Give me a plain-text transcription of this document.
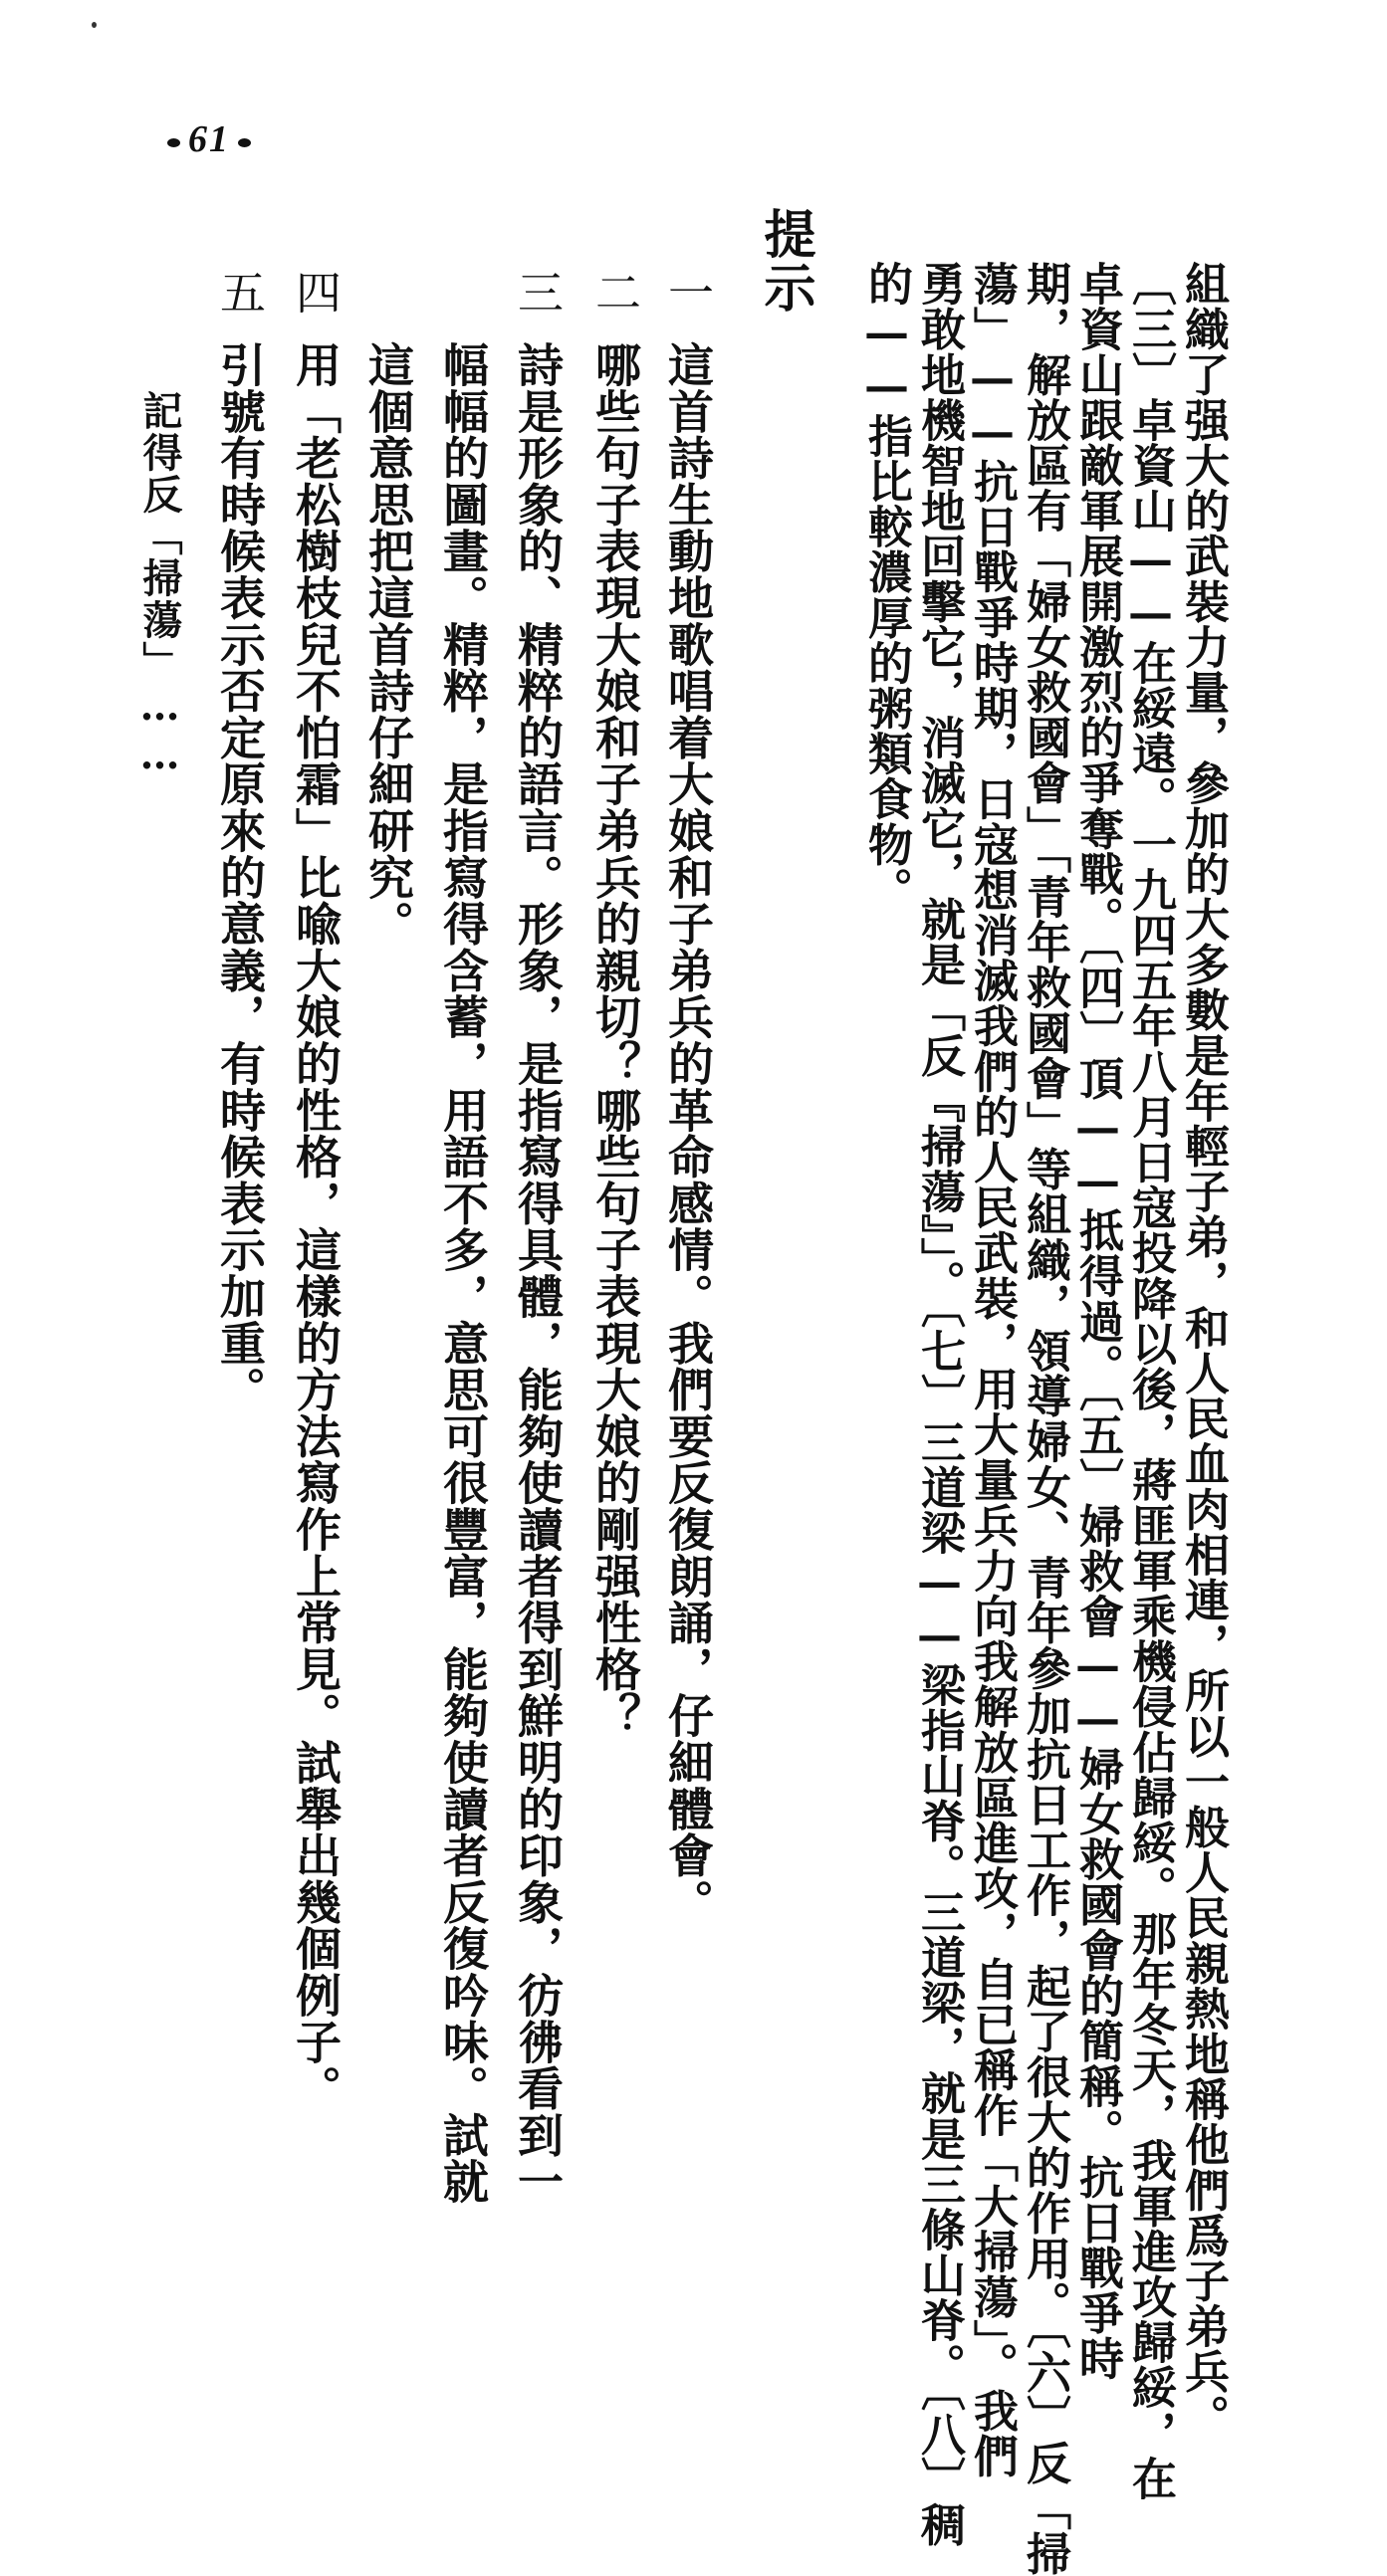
61
組織了强大的武裝力量，參加的大多數是年輕子弟，和人民血肉相連，所以一般人民親熱地稱他們爲子弟兵。
〔三〕卓資山——在綏遠。一九四五年八月日寇投降以後，蔣匪軍乘機侵佔歸綏。那年冬天，我軍進攻歸綏，在
卓資山跟敵軍展開激烈的爭奪戰。〔四〕頂——抵得過。〔五〕婦救會——婦女救國會的簡稱。抗日戰爭時
期，解放區有「婦女救國會」「青年救國會」等組織，領導婦女、青年參加抗日工作，起了很大的作用。〔六〕反「掃
蕩」——抗日戰爭時期，日寇想消滅我們的人民武裝，用大量兵力向我解放區進攻，自已稱作「大掃蕩」。我們
勇敢地機智地回擊它，消滅它，就是「反『掃蕩』」。〔七〕三道梁——梁指山脊。三道梁，就是三條山脊。〔八〕稠
的——指比較濃厚的粥類食物。
提示
一
這首詩生動地歌唱着大娘和子弟兵的革命感情。我們要反復朗誦，仔細體會。
二
哪些句子表現大娘和子弟兵的親切？哪些句子表現大娘的剛强性格？
三
詩是形象的、精粹的語言。形象，是指寫得具體，能夠使讀者得到鮮明的印象，彷彿看到一
幅幅的圖畫。精粹，是指寫得含蓄，用語不多，意思可很豐富，能夠使讀者反復吟味。試就
這個意思把這首詩仔細研究。
四
用「老松樹枝兒不怕霜」比喩大娘的性格，這樣的方法寫作上常見。試舉出幾個例子。
五
引號有時候表示否定原來的意義，有時候表示加重。
記得反「掃蕩」……
